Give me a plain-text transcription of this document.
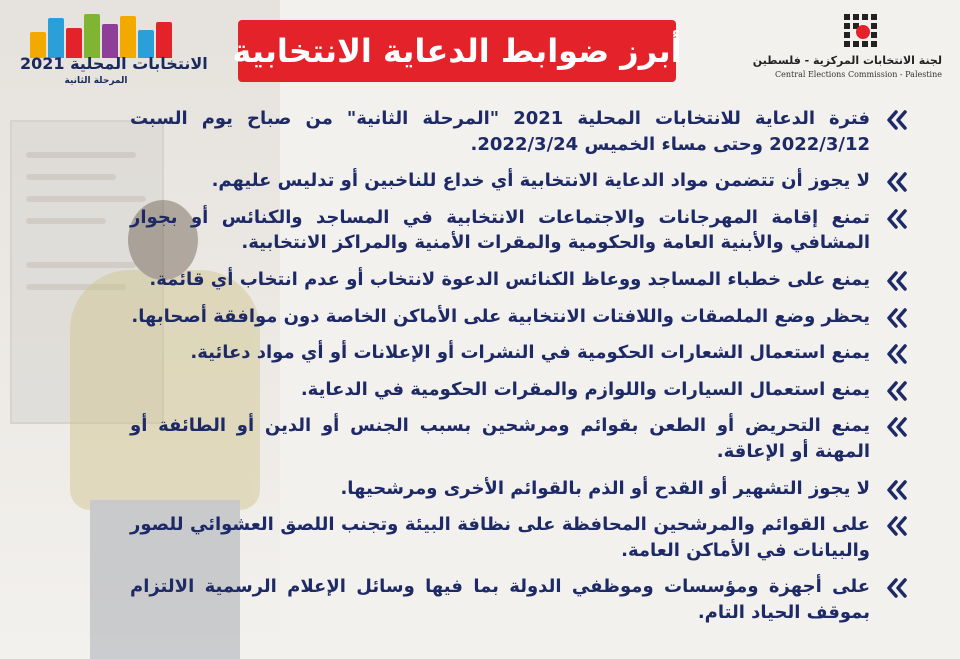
الانتخابات المحلية 2021
المرحلة الثانية
أبرز ضوابط الدعاية الانتخابية	لجنة الانتخابات المركزية - فلسطين
Central Elections Commission - Palestine
فترة الدعاية للانتخابات المحلية 2021 "المرحلة الثانية" من صباح يوم السبت 2022/3/12 وحتى مساء الخميس 2022/3/24.
لا يجوز أن تتضمن مواد الدعاية الانتخابية أي خداع للناخبين أو تدليس عليهم.
تمنع إقامة المهرجانات والاجتماعات الانتخابية في المساجد والكنائس أو بجوار المشافي والأبنية العامة والحكومية والمقرات الأمنية والمراكز الانتخابية.
يمنع على خطباء المساجد ووعاظ الكنائس الدعوة لانتخاب أو عدم انتخاب أي قائمة.
يحظر وضع الملصقات واللافتات الانتخابية على الأماكن الخاصة دون موافقة أصحابها.
يمنع استعمال الشعارات الحكومية في النشرات أو الإعلانات أو أي مواد دعائية.
يمنع استعمال السيارات واللوازم والمقرات الحكومية في الدعاية.
يمنع التحريض أو الطعن بقوائم ومرشحين بسبب الجنس أو الدين أو الطائفة أو المهنة أو الإعاقة.
لا يجوز التشهير أو القدح أو الذم بالقوائم الأخرى ومرشحيها.
على القوائم والمرشحين المحافظة على نظافة البيئة وتجنب اللصق العشوائي للصور والبيانات في الأماكن العامة.
على أجهزة ومؤسسات وموظفي الدولة بما فيها وسائل الإعلام الرسمية الالتزام بموقف الحياد التام.
